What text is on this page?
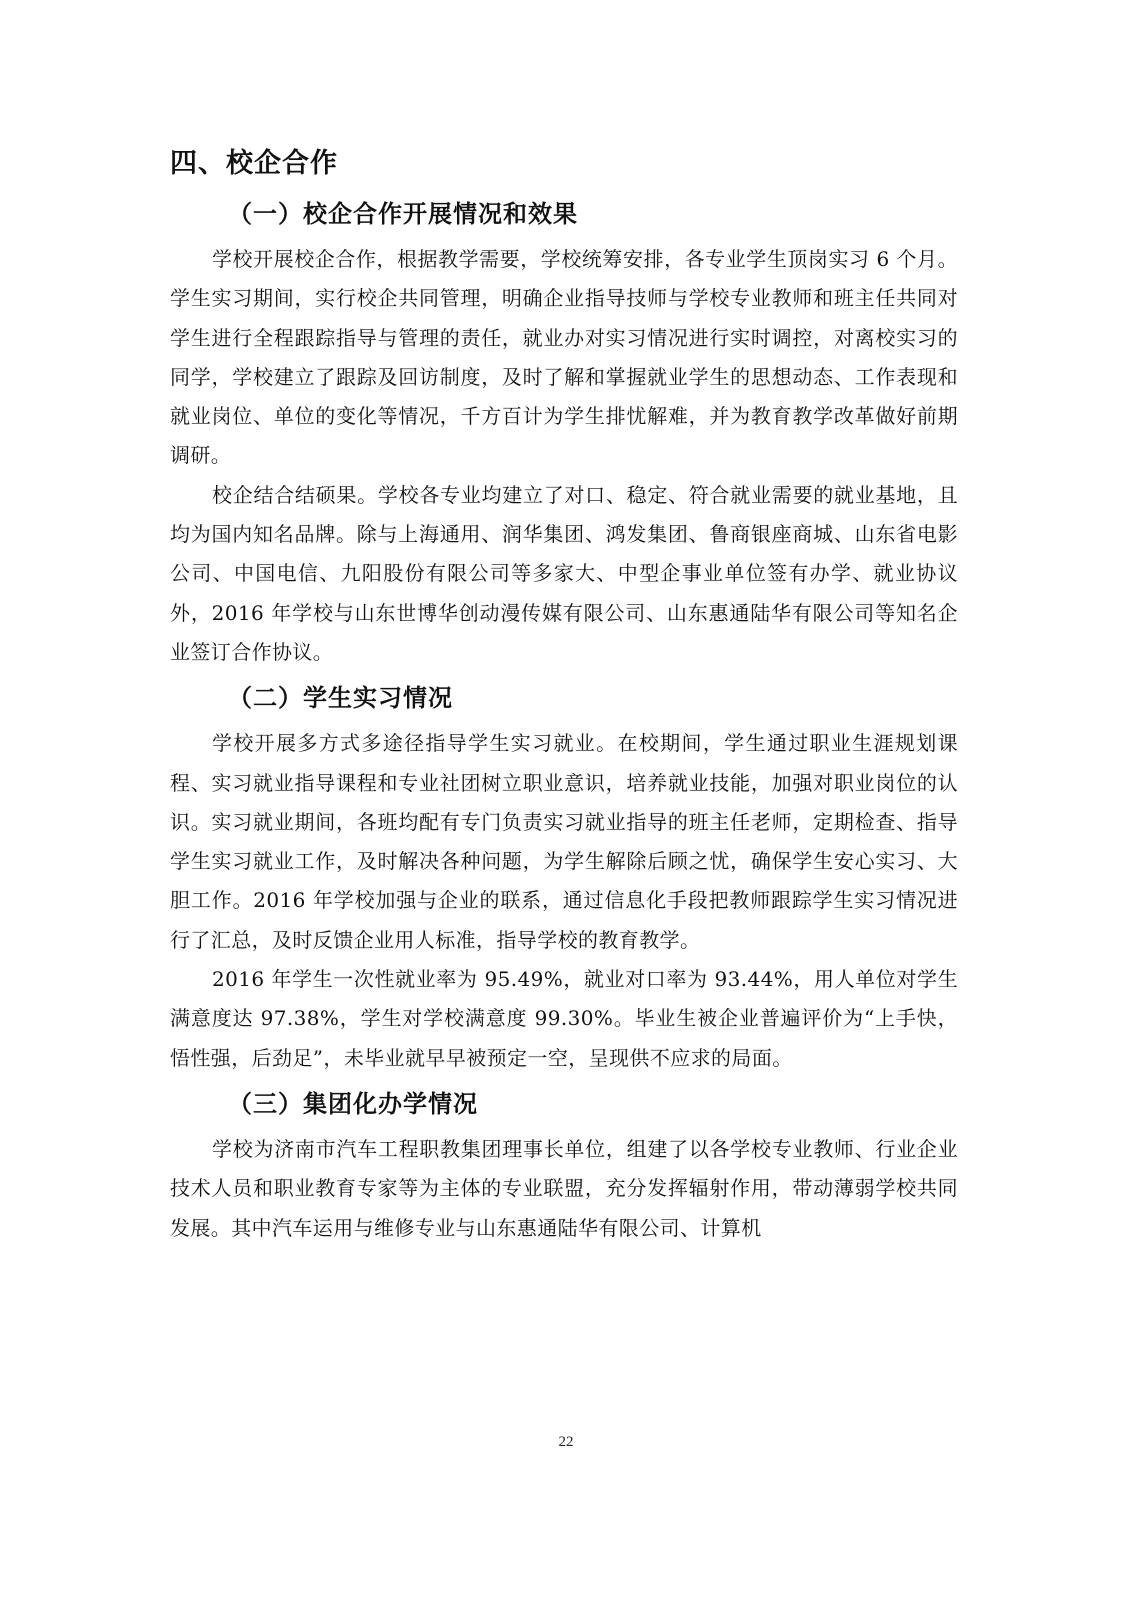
四、校企合作
（一）校企合作开展情况和效果

学校开展校企合作，根据教学需要，学校统筹安排，各专业学生顶岗实习 6 个月。学生实习期间，实行校企共同管理，明确企业指导技师与学校专业教师和班主任共同对学生进行全程跟踪指导与管理的责任，就业办对实习情况进行实时调控，对离校实习的同学，学校建立了跟踪及回访制度，及时了解和掌握就业学生的思想动态、工作表现和就业岗位、单位的变化等情况，千方百计为学生排忧解难，并为教育教学改革做好前期调研。

校企结合结硕果。学校各专业均建立了对口、稳定、符合就业需要的就业基地，且均为国内知名品牌。除与上海通用、润华集团、鸿发集团、鲁商银座商城、山东省电影公司、中国电信、九阳股份有限公司等多家大、中型企事业单位签有办学、就业协议外，2016 年学校与山东世博华创动漫传媒有限公司、山东惠通陆华有限公司等知名企业签订合作协议。

（二）学生实习情况

学校开展多方式多途径指导学生实习就业。在校期间，学生通过职业生涯规划课程、实习就业指导课程和专业社团树立职业意识，培养就业技能，加强对职业岗位的认识。实习就业期间，各班均配有专门负责实习就业指导的班主任老师，定期检查、指导学生实习就业工作，及时解决各种问题，为学生解除后顾之忧，确保学生安心实习、大胆工作。2016 年学校加强与企业的联系，通过信息化手段把教师跟踪学生实习情况进行了汇总，及时反馈企业用人标准，指导学校的教育教学。

2016 年学生一次性就业率为 95.49%，就业对口率为 93.44%，用人单位对学生满意度达 97.38%，学生对学校满意度 99.30%。毕业生被企业普遍评价为“上手快，悟性强，后劲足”，未毕业就早早被预定一空，呈现供不应求的局面。

（三）集团化办学情况

学校为济南市汽车工程职教集团理事长单位，组建了以各学校专业教师、行业企业技术人员和职业教育专家等为主体的专业联盟，充分发挥辐射作用，带动薄弱学校共同发展。其中汽车运用与维修专业与山东惠通陆华有限公司、计算机

22
